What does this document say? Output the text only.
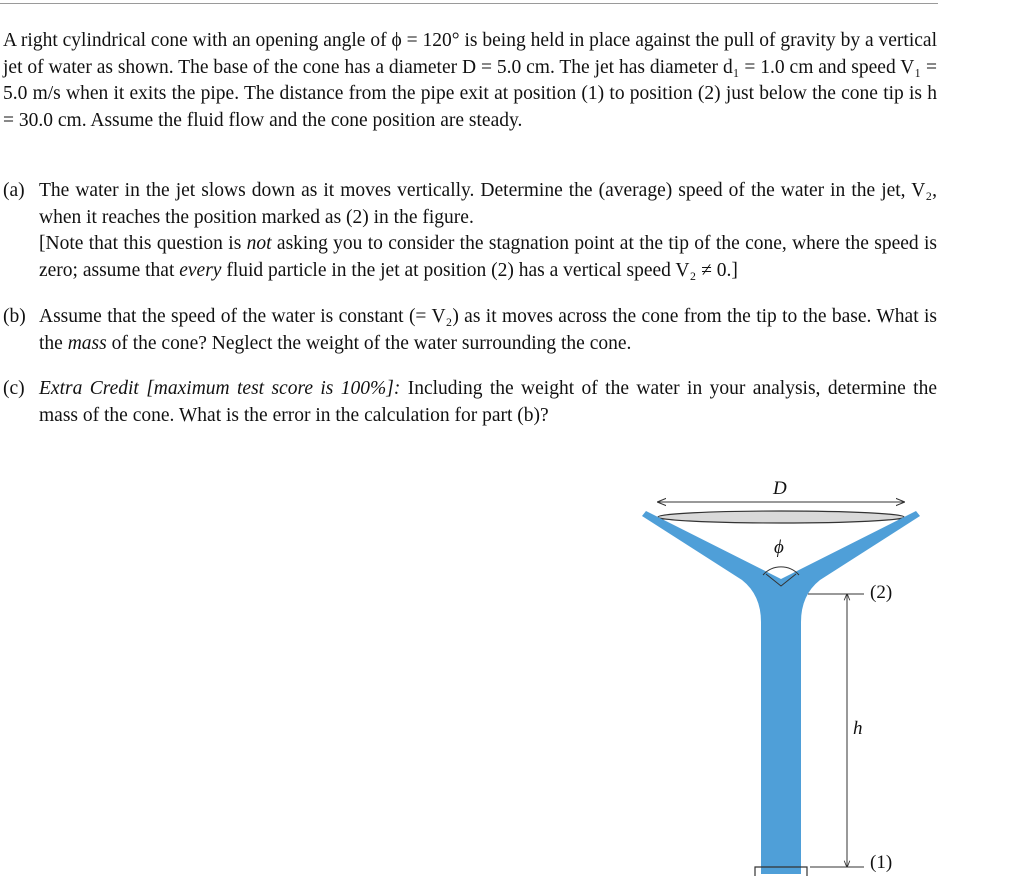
A right cylindrical cone with an opening angle of ϕ = 120° is being held in place against the pull of gravity by a vertical jet of water as shown. The base of the cone has a diameter D = 5.0 cm. The jet has diameter d₁ = 1.0 cm and speed V₁ = 5.0 m/s when it exits the pipe. The distance from the pipe exit at position (1) to position (2) just below the cone tip is h = 30.0 cm. Assume the fluid flow and the cone position are steady.

(a) The water in the jet slows down as it moves vertically. Determine the (average) speed of the water in the jet, V₂, when it reaches the position marked as (2) in the figure.

[Note that this question is not asking you to consider the stagnation point at the tip of the cone, where the speed is zero; assume that every fluid particle in the jet at position (2) has a vertical speed V₂ ≠ 0.]

(b) Assume that the speed of the water is constant (= V₂) as it moves across the cone from the tip to the base. What is the mass of the cone? Neglect the weight of the water surrounding the cone.

(c) Extra Credit [maximum test score is 100%]: Including the weight of the water in your analysis, determine the mass of the cone. What is the error in the calculation for part (b)?

D
ϕ
(2)
h
(1)
